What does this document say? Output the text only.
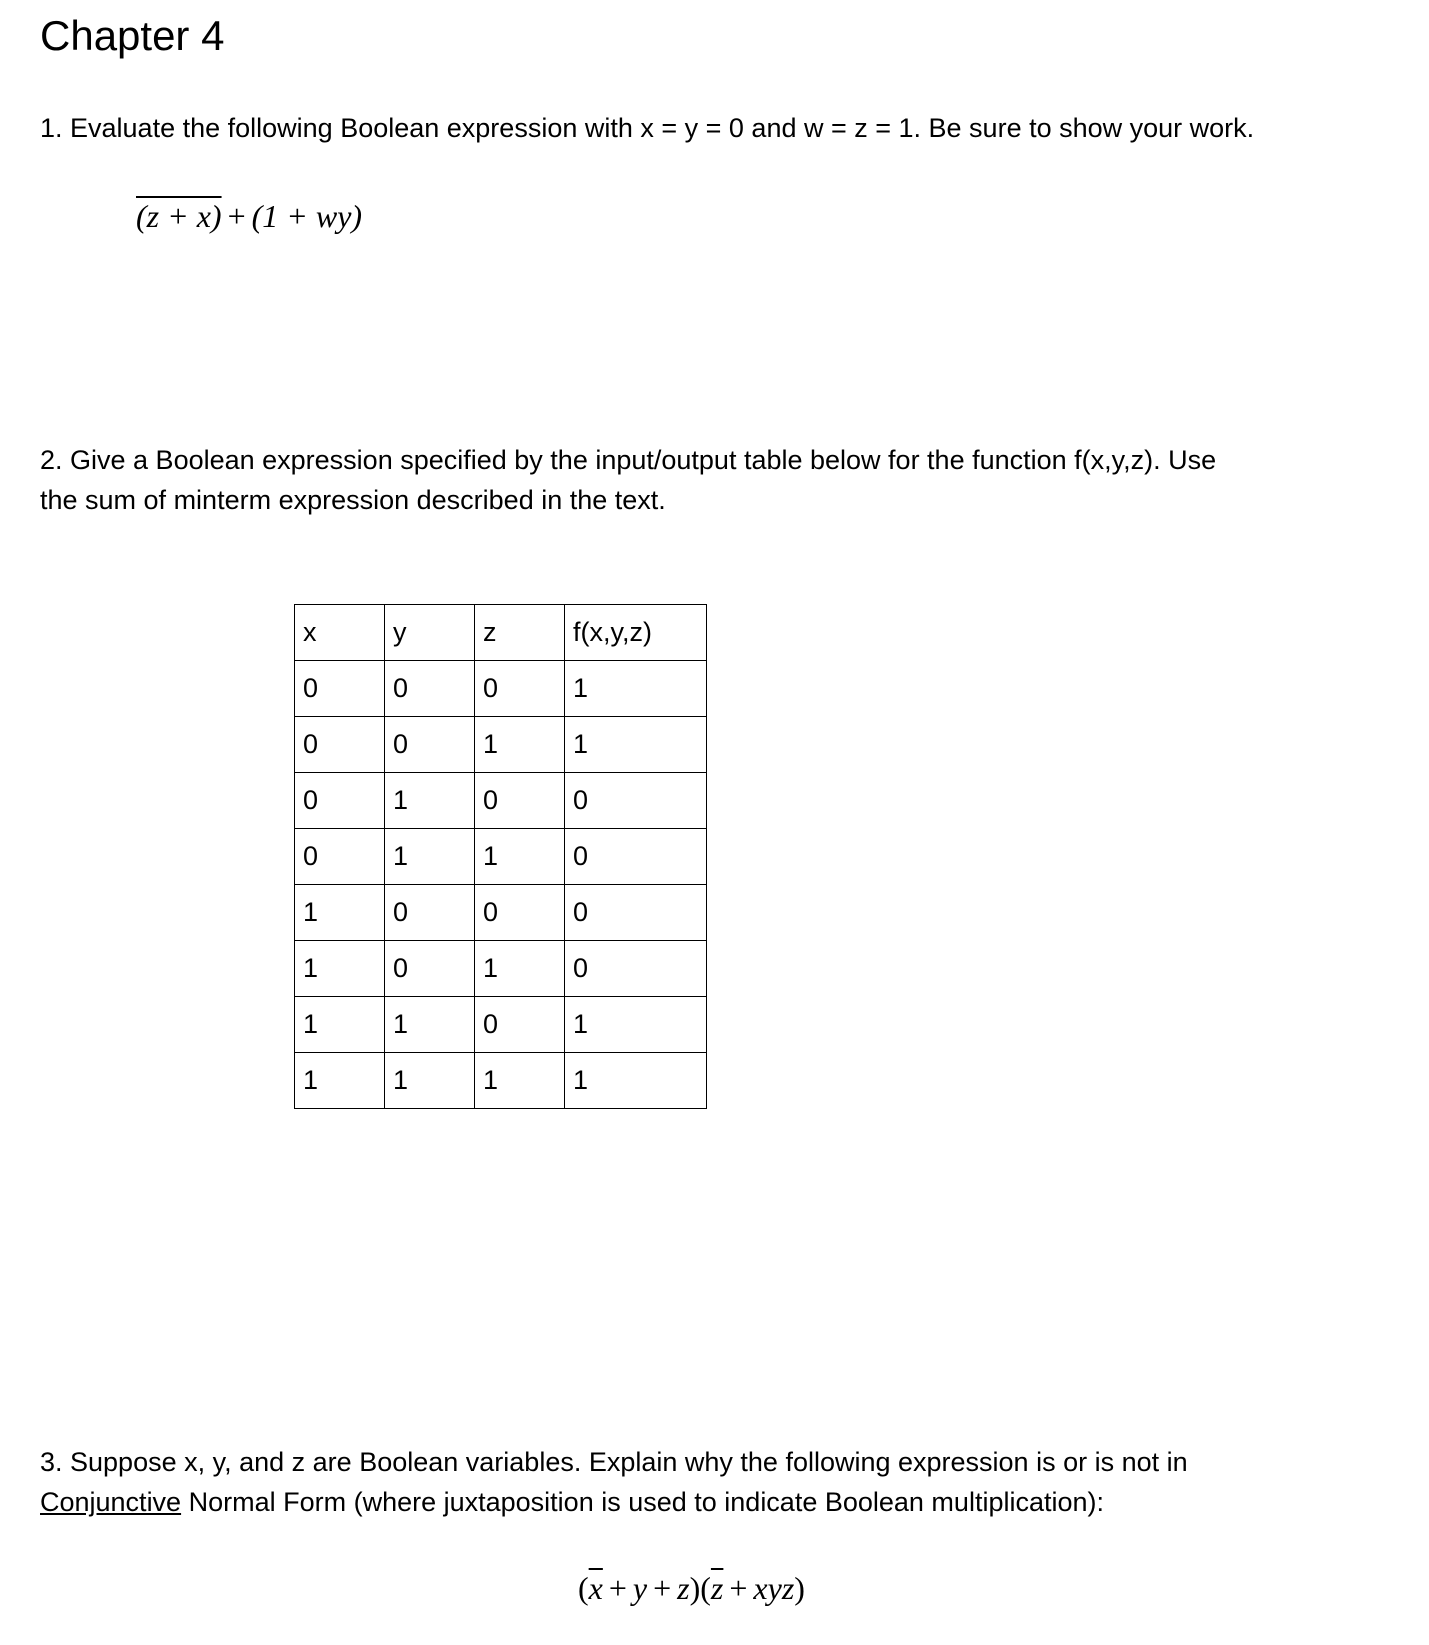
Chapter 4
1. Evaluate the following Boolean expression with x = y = 0 and w = z = 1. Be sure to show your work.
(z + x) + (1 + wy)
2. Give a Boolean expression specified by the input/output table below for the function f(x,y,z). Use
the sum of minterm expression described in the text.
x	y	z	f(x,y,z)
0	0	0	1
0	0	1	1
0	1	0	0
0	1	1	0
1	0	0	0
1	0	1	0
1	1	0	1
1	1	1	1
3. Suppose x, y, and z are Boolean variables. Explain why the following expression is or is not in
Conjunctive Normal Form (where juxtaposition is used to indicate Boolean multiplication):
$(\overline{x} + y + z)(\overline{z} + xyz)$
